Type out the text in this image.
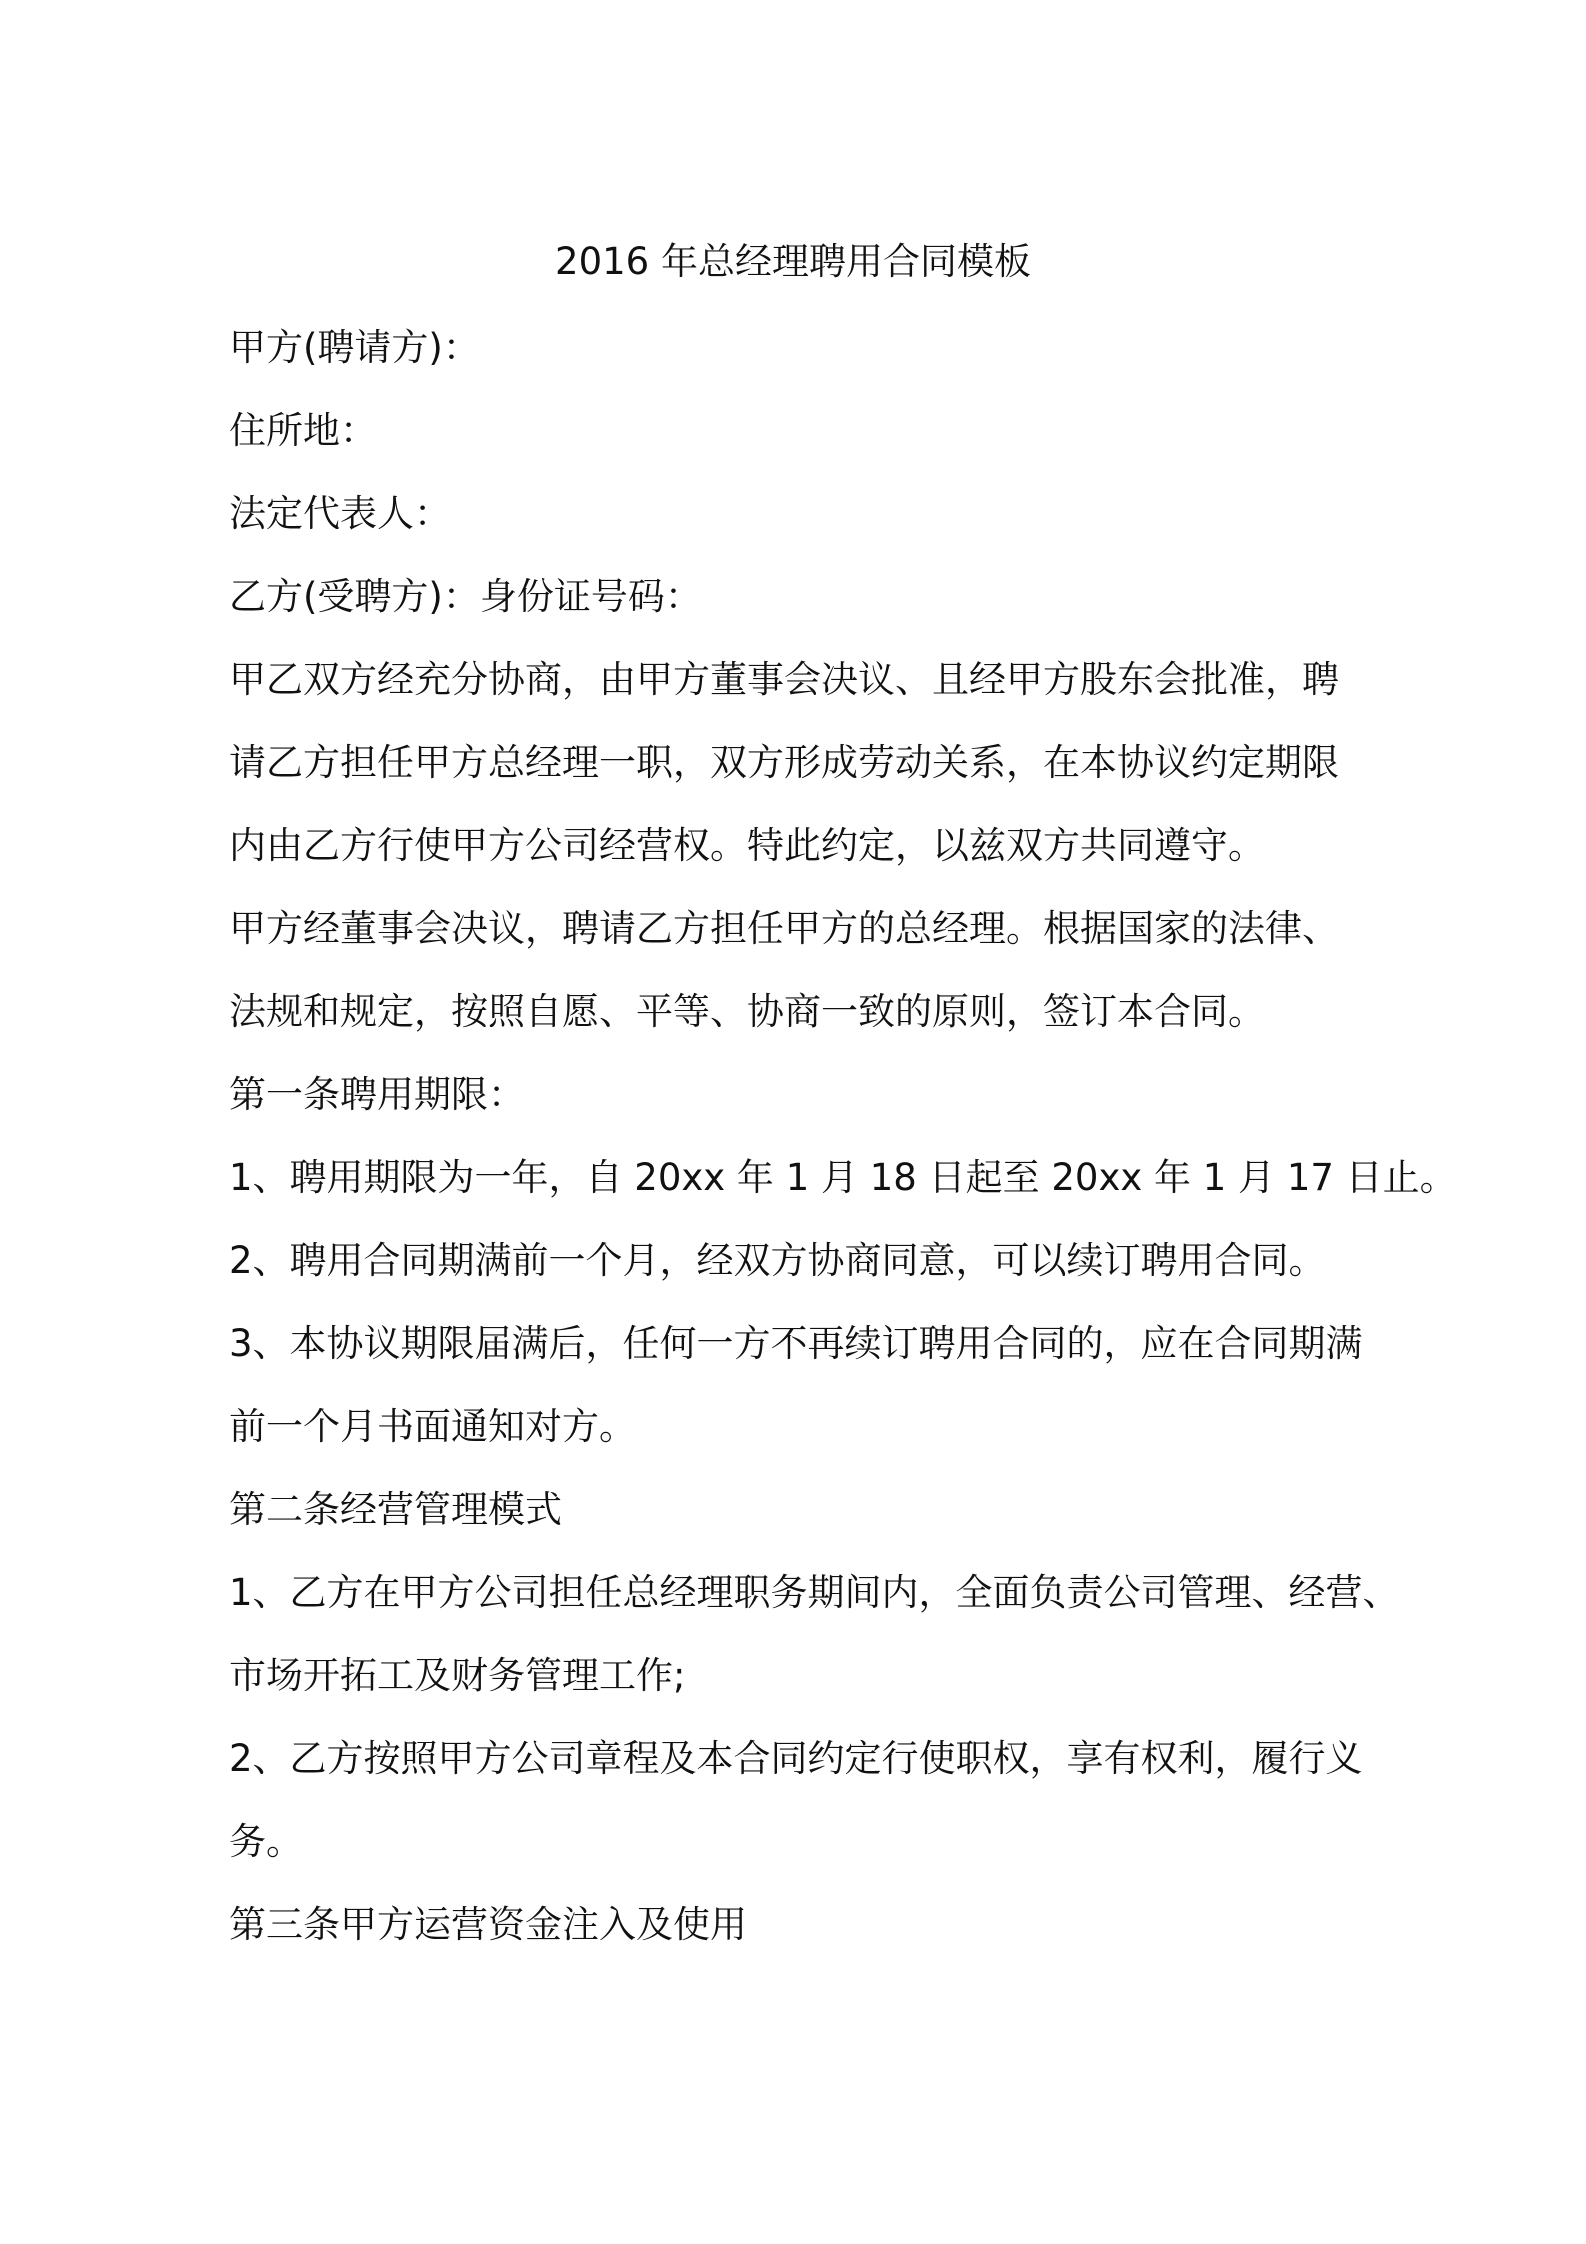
2016 年总经理聘用合同模板

甲方(聘请方)：

住所地：

法定代表人：

乙方(受聘方)：身份证号码：

甲乙双方经充分协商，由甲方董事会决议、且经甲方股东会批准，聘

请乙方担任甲方总经理一职，双方形成劳动关系，在本协议约定期限

内由乙方行使甲方公司经营权。特此约定，以兹双方共同遵守。

甲方经董事会决议，聘请乙方担任甲方的总经理。根据国家的法律、

法规和规定，按照自愿、平等、协商一致的原则，签订本合同。

第一条聘用期限：

1、聘用期限为一年，自 20xx 年 1 月 18 日起至 20xx 年 1 月 17 日止。

2、聘用合同期满前一个月，经双方协商同意，可以续订聘用合同。

3、本协议期限届满后，任何一方不再续订聘用合同的，应在合同期满

前一个月书面通知对方。

第二条经营管理模式

1、乙方在甲方公司担任总经理职务期间内，全面负责公司管理、经营、

市场开拓工及财务管理工作;

2、乙方按照甲方公司章程及本合同约定行使职权，享有权利，履行义

务。

第三条甲方运营资金注入及使用
